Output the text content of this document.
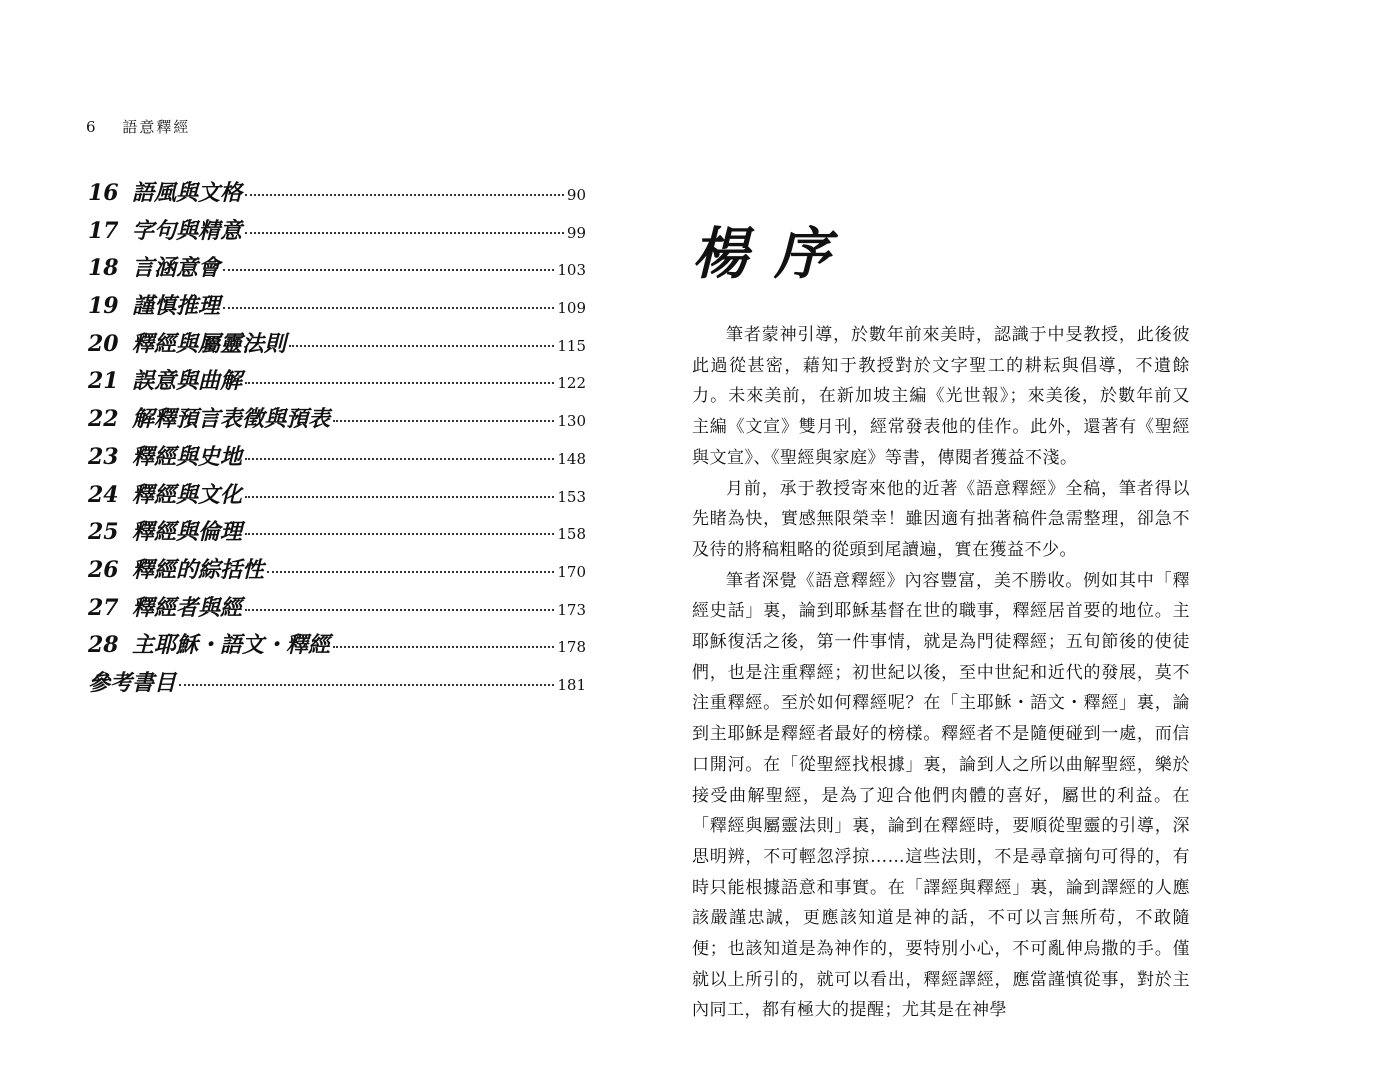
6 語意釋經
16 語風與文格	90
17 字句與精意	99
18 言涵意會	103
19 謹慎推理	109
20 釋經與屬靈法則	115
21 誤意與曲解	122
22 解釋預言表徵與預表	130
23 釋經與史地	148
24 釋經與文化	153
25 釋經與倫理	158
26 釋經的綜括性	170
27 釋經者與經	173
28 主耶穌・語文・釋經	178
參考書目	181
楊序

筆者蒙神引導，於數年前來美時，認識于中旻教授，此後彼此過從甚密，藉知于教授對於文字聖工的耕耘與倡導，不遺餘力。未來美前，在新加坡主編《光世報》；來美後，於數年前又主編《文宣》雙月刊，經常發表他的佳作。此外，還著有《聖經與文宣》、《聖經與家庭》等書，傳閱者獲益不淺。

月前，承于教授寄來他的近著《語意釋經》全稿，筆者得以先睹為快，實感無限榮幸！雖因適有拙著稿件急需整理，卻急不及待的將稿粗略的從頭到尾讀遍，實在獲益不少。

筆者深覺《語意釋經》內容豐富，美不勝收。例如其中「釋經史話」裏，論到耶穌基督在世的職事，釋經居首要的地位。主耶穌復活之後，第一件事情，就是為門徒釋經；五旬節後的使徒們，也是注重釋經；初世紀以後，至中世紀和近代的發展，莫不注重釋經。至於如何釋經呢？在「主耶穌・語文・釋經」裏，論到主耶穌是釋經者最好的榜樣。釋經者不是隨便碰到一處，而信口開河。在「從聖經找根據」裏，論到人之所以曲解聖經，樂於接受曲解聖經，是為了迎合他們肉體的喜好，屬世的利益。在「釋經與屬靈法則」裏，論到在釋經時，要順從聖靈的引導，深思明辨，不可輕忽浮掠……這些法則，不是尋章摘句可得的，有時只能根據語意和事實。在「譯經與釋經」裏，論到譯經的人應該嚴謹忠誠，更應該知道是神的話，不可以言無所苟，不敢隨便；也該知道是為神作的，要特別小心，不可亂伸烏撒的手。僅就以上所引的，就可以看出，釋經譯經，應當謹慎從事，對於主內同工，都有極大的提醒；尤其是在神學
